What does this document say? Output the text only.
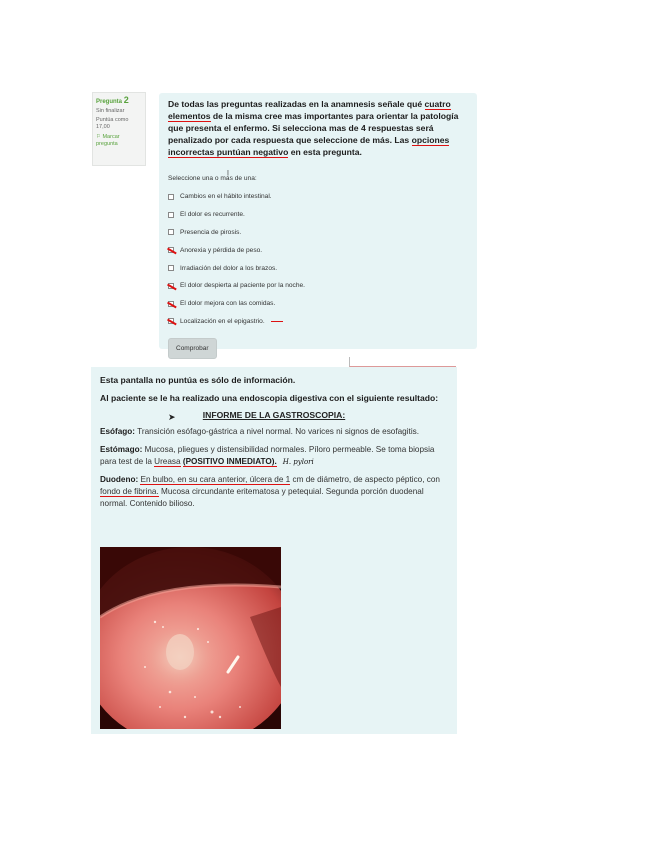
Pregunta 2
Sin finalizar
Puntúa como 17,00
⚐ Marcar pregunta

De todas las preguntas realizadas en la anamnesis señale qué cuatro elementos de la misma cree mas importantes para orientar la patología que presenta el enfermo. Si selecciona mas de 4 respuestas será penalizado por cada respuesta que seleccione de más. Las opciones incorrectas puntúan negativo en esta pregunta.

Seleccione una o más de una:
Cambios en el hábito intestinal.
El dolor es recurrente.
Presencia de pirosis.
Anorexia y pérdida de peso.
Irradiación del dolor a los brazos.
El dolor despierta al paciente por la noche.
El dolor mejora con las comidas.
Localización en el epigastrio.
Comprobar
I

Esta pantalla no puntúa es sólo de información.

Al paciente se le ha realizado una endoscopia digestiva con el siguiente resultado:

INFORME DE LA GASTROSCOPIA:

Esófago: Transición esófago-gástrica a nivel normal. No varices ni signos de esofagitis.

Estómago: Mucosa, pliegues y distensibilidad normales. Píloro permeable. Se toma biopsia para test de la Ureasa (POSITIVO INMEDIATO). H. pylori

Duodeno: En bulbo, en su cara anterior, úlcera de 1 cm de diámetro, de aspecto péptico, con fondo de fibrina. Mucosa circundante eritematosa y petequial. Segunda porción duodenal normal. Contenido bilioso.

➤
